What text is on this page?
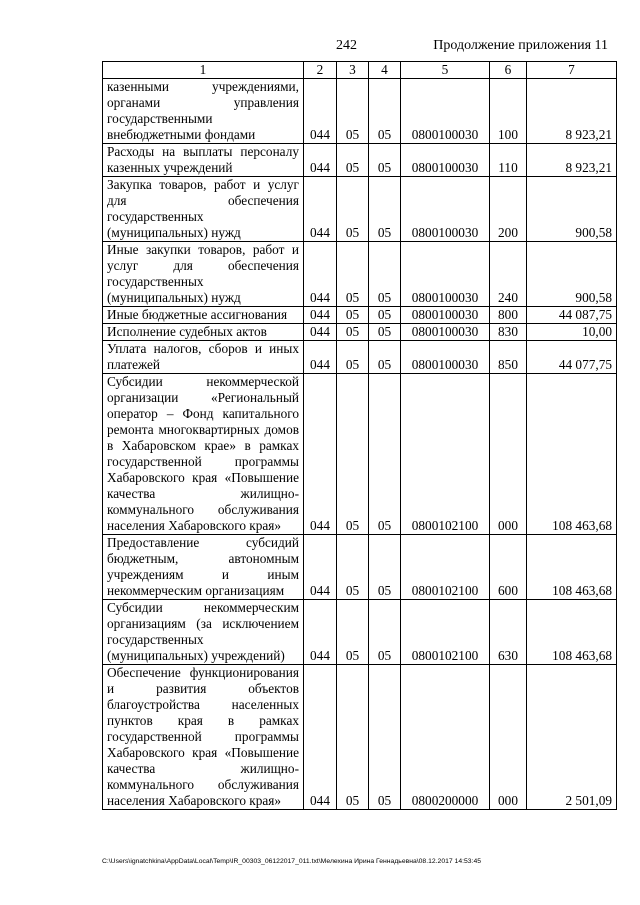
242	Продолжение приложения 11
1	2	3	4	5	6	7
казенными учреждениями, органами управления государственными внебюджетными фондами	044	05	05	0800100030	100	8 923,21
Расходы на выплаты персоналу казенных учреждений	044	05	05	0800100030	110	8 923,21
Закупка товаров, работ и услуг для обеспечения государственных (муниципальных) нужд	044	05	05	0800100030	200	900,58
Иные закупки товаров, работ и услуг для обеспечения государственных (муниципальных) нужд	044	05	05	0800100030	240	900,58
Иные бюджетные ассигнования	044	05	05	0800100030	800	44 087,75
Исполнение судебных актов	044	05	05	0800100030	830	10,00
Уплата налогов, сборов и иных платежей	044	05	05	0800100030	850	44 077,75
Субсидии некоммерческой организации «Региональный оператор – Фонд капитального ремонта многоквартирных домов в Хабаровском крае» в рамках государственной программы Хабаровского края «Повышение качества жилищно-коммунального обслуживания населения Хабаровского края»	044	05	05	0800102100	000	108 463,68
Предоставление субсидий бюджетным, автономным учреждениям и иным некоммерческим организациям	044	05	05	0800102100	600	108 463,68
Субсидии некоммерческим организациям (за исключением государственных (муниципальных) учреждений)	044	05	05	0800102100	630	108 463,68
Обеспечение функционирования и развития объектов благоустройства населенных пунктов края в рамках государственной программы Хабаровского края «Повышение качества жилищно-коммунального обслуживания населения Хабаровского края»	044	05	05	0800200000	000	2 501,09
C:\Users\ignatchkina\AppData\Local\Temp\IR_00303_06122017_011.txt\Мелехина Ирина Геннадьевна\08.12.2017 14:53:45
